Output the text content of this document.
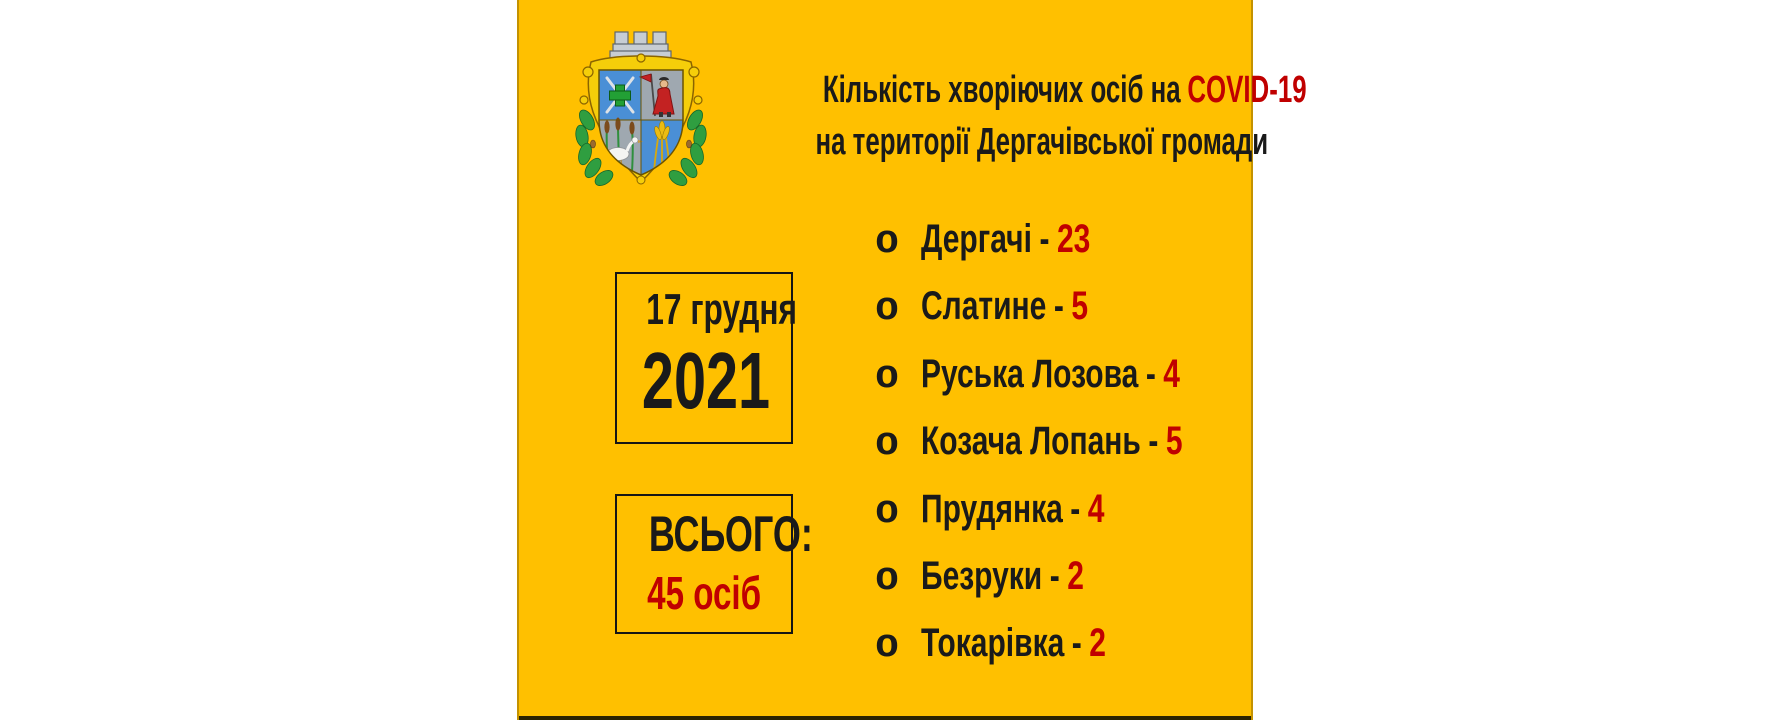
Кількість хворіючих осіб на COVID-19
на території Дергачівської громади
17 грудня
2021
ВСЬОГО:
45 осіб
o Дергачі - 23
o Слатине - 5
o Руська Лозова - 4
o Козача Лопань - 5
o Прудянка - 4
o Безруки - 2
o Токарівка - 2
